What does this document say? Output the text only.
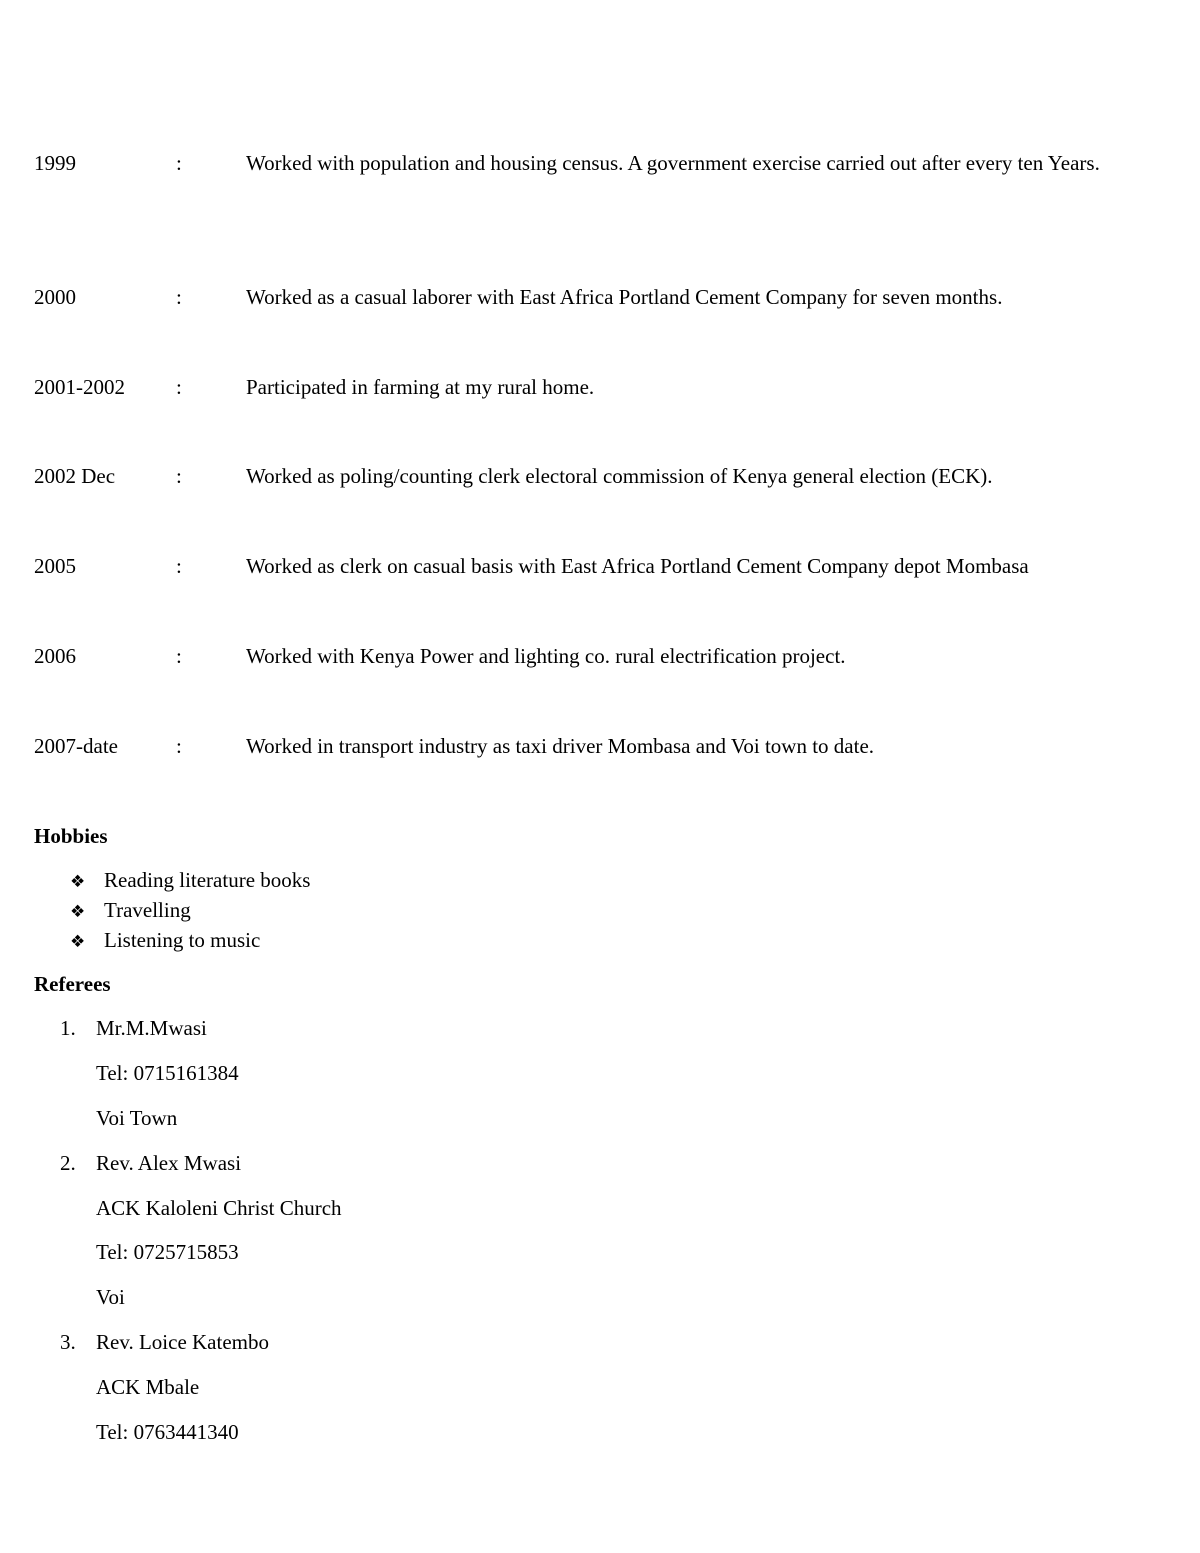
1999	:	Worked with population and housing census. A government exercise carried out after every ten Years.
2000	:	Worked as a casual laborer with East Africa Portland Cement Company for seven months.
2001-2002 :	Participated in farming at my rural home.
2002 Dec	:	Worked as poling/counting clerk electoral commission of Kenya general election (ECK).
2005	:	Worked as clerk on casual basis with East Africa Portland Cement Company depot Mombasa
2006	:	Worked with Kenya Power and lighting co. rural electrification project.
2007-date	:	Worked in transport industry as taxi driver Mombasa and Voi town to date.
Hobbies
❖ Reading literature books
❖ Travelling
❖ Listening to music
Referees
1. Mr.M.Mwasi
Tel: 0715161384
Voi Town
2. Rev. Alex Mwasi
ACK Kaloleni Christ Church
Tel: 0725715853
Voi
3. Rev. Loice Katembo
ACK Mbale
Tel: 0763441340
